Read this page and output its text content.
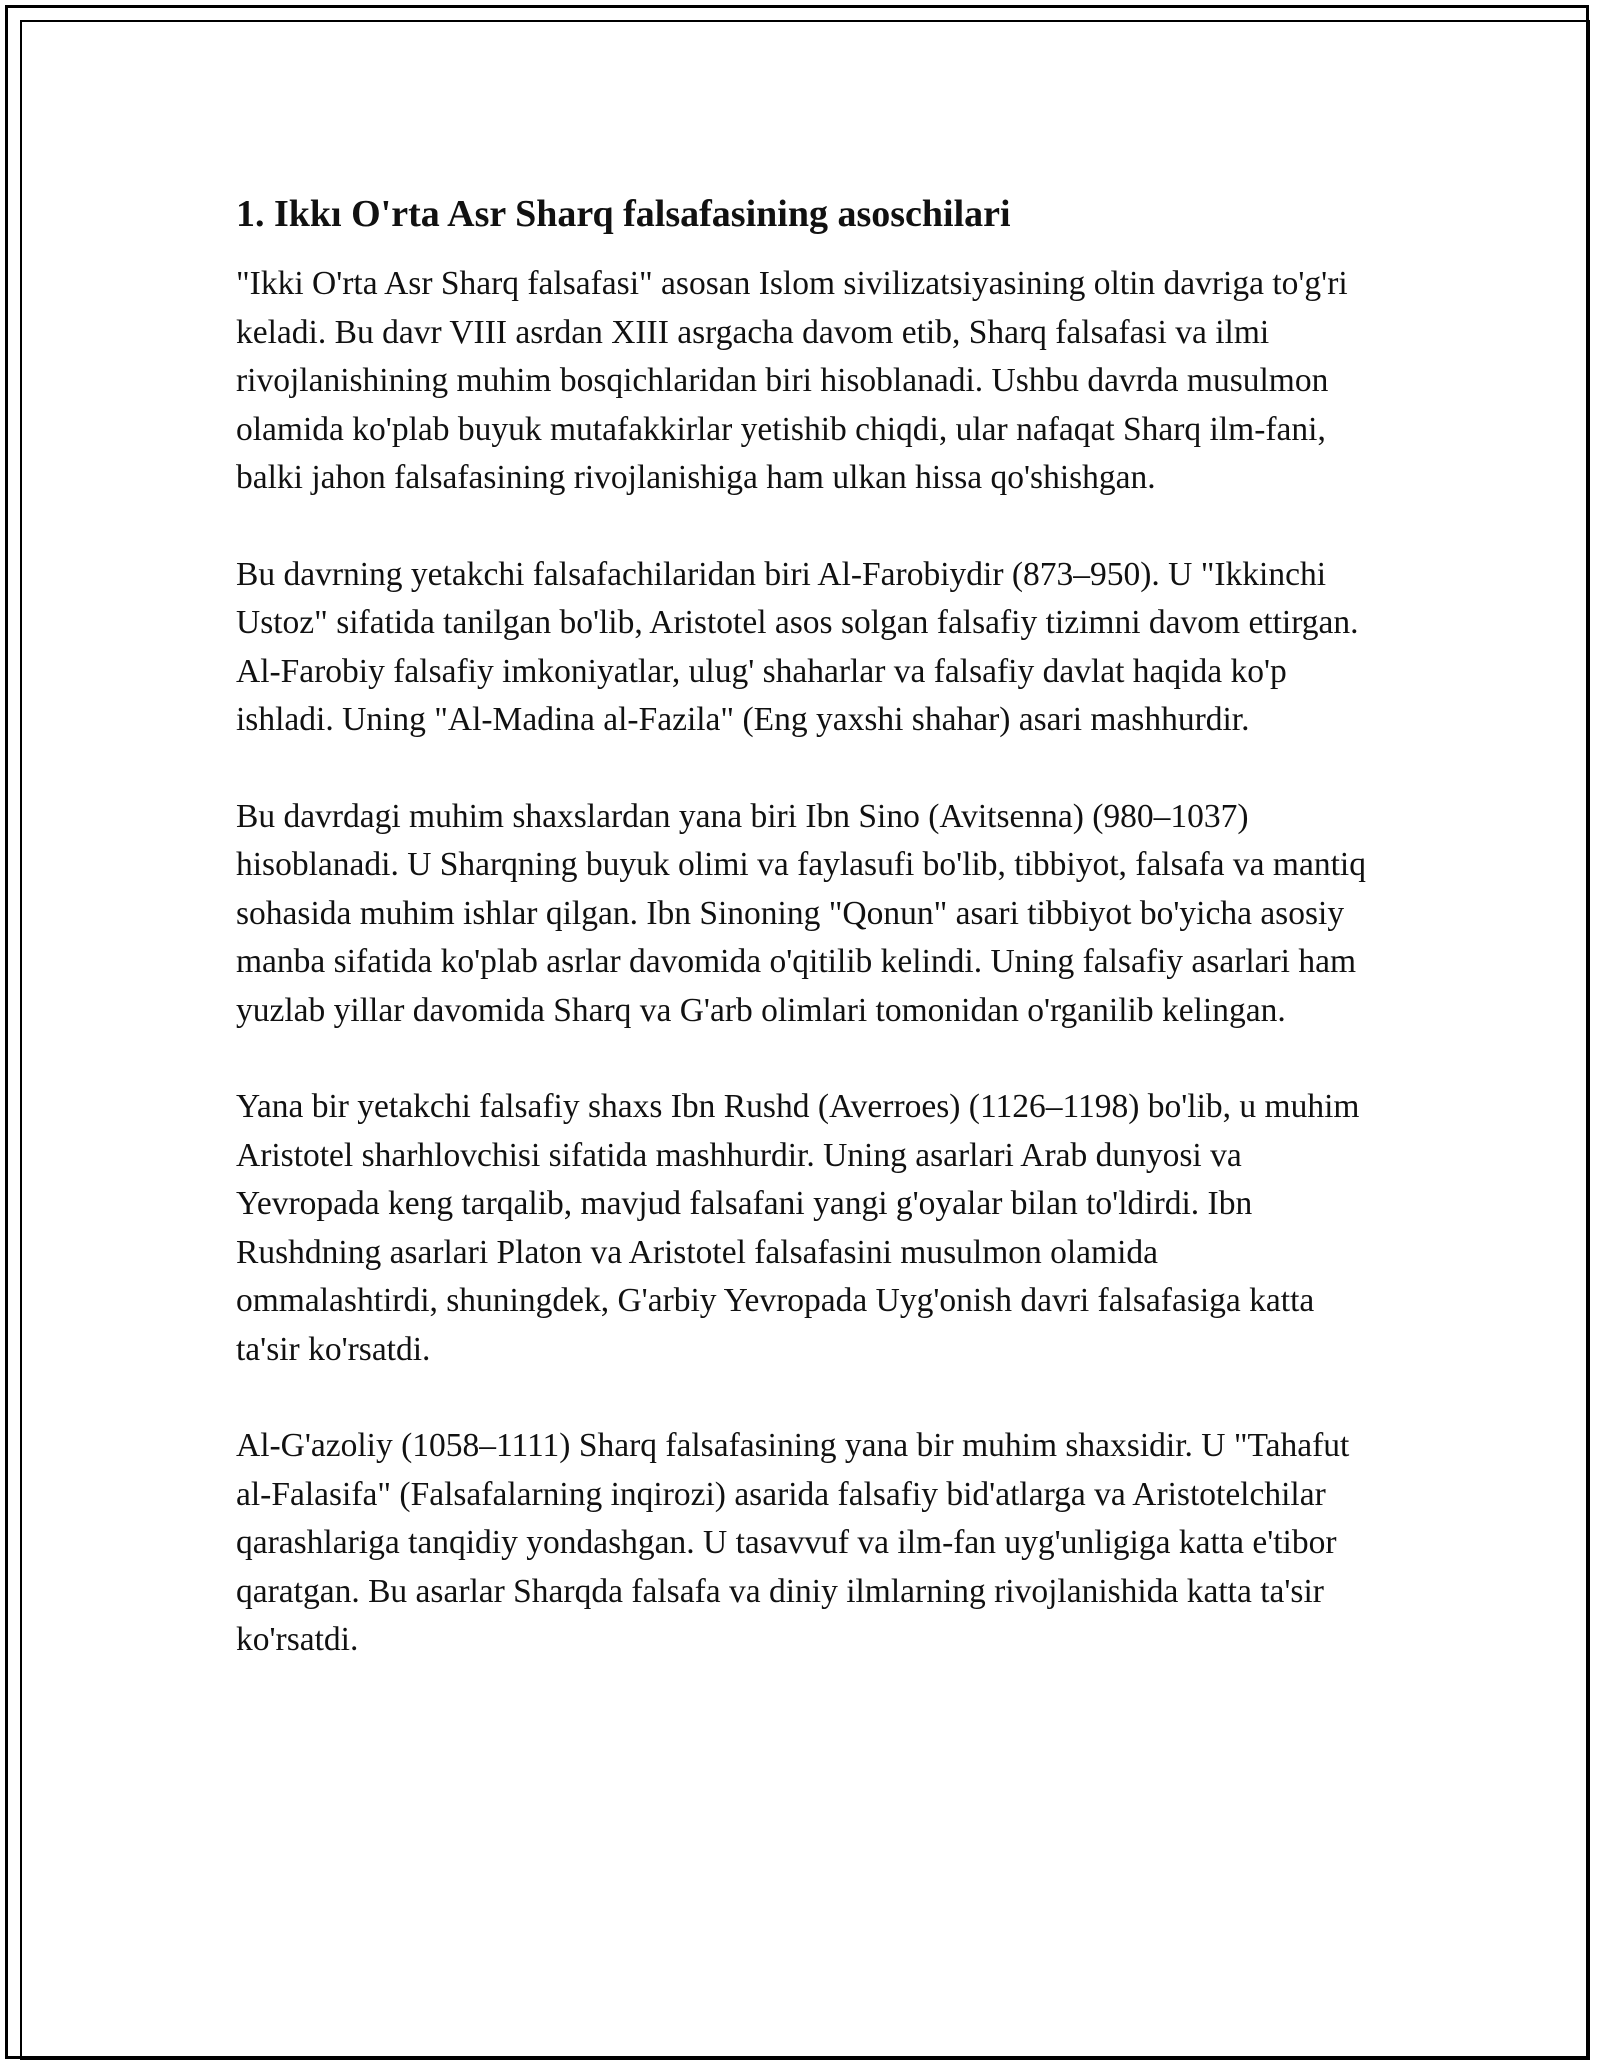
1. Ikkı O'rta Asr Sharq falsafasining asoschilari

"Ikki O'rta Asr Sharq falsafasi" asosan Islom sivilizatsiyasining oltin davriga to'g'ri keladi. Bu davr VIII asrdan XIII asrgacha davom etib, Sharq falsafasi va ilmi rivojlanishining muhim bosqichlaridan biri hisoblanadi. Ushbu davrda musulmon olamida ko'plab buyuk mutafakkirlar yetishib chiqdi, ular nafaqat Sharq ilm-fani, balki jahon falsafasining rivojlanishiga ham ulkan hissa qo'shishgan.

Bu davrning yetakchi falsafachilaridan biri Al-Farobiydir (873–950). U "Ikkinchi Ustoz" sifatida tanilgan bo'lib, Aristotel asos solgan falsafiy tizimni davom ettirgan. Al-Farobiy falsafiy imkoniyatlar, ulug' shaharlar va falsafiy davlat haqida ko'p ishladi. Uning "Al-Madina al-Fazila" (Eng yaxshi shahar) asari mashhurdir.

Bu davrdagi muhim shaxslardan yana biri Ibn Sino (Avitsenna) (980–1037) hisoblanadi. U Sharqning buyuk olimi va faylasufi bo'lib, tibbiyot, falsafa va mantiq sohasida muhim ishlar qilgan. Ibn Sinoning "Qonun" asari tibbiyot bo'yicha asosiy manba sifatida ko'plab asrlar davomida o'qitilib kelindi. Uning falsafiy asarlari ham yuzlab yillar davomida Sharq va G'arb olimlari tomonidan o'rganilib kelingan.

Yana bir yetakchi falsafiy shaxs Ibn Rushd (Averroes) (1126–1198) bo'lib, u muhim Aristotel sharhlovchisi sifatida mashhurdir. Uning asarlari Arab dunyosi va Yevropada keng tarqalib, mavjud falsafani yangi g'oyalar bilan to'ldirdi. Ibn Rushdning asarlari Platon va Aristotel falsafasini musulmon olamida ommalashtirdi, shuningdek, G'arbiy Yevropada Uyg'onish davri falsafasiga katta ta'sir ko'rsatdi.

Al-G'azoliy (1058–1111) Sharq falsafasining yana bir muhim shaxsidir. U "Tahafut al-Falasifa" (Falsafalarning inqirozi) asarida falsafiy bid'atlarga va Aristotelchilar qarashlariga tanqidiy yondashgan. U tasavvuf va ilm-fan uyg'unligiga katta e'tibor qaratgan. Bu asarlar Sharqda falsafa va diniy ilmlarning rivojlanishida katta ta'sir ko'rsatdi.
